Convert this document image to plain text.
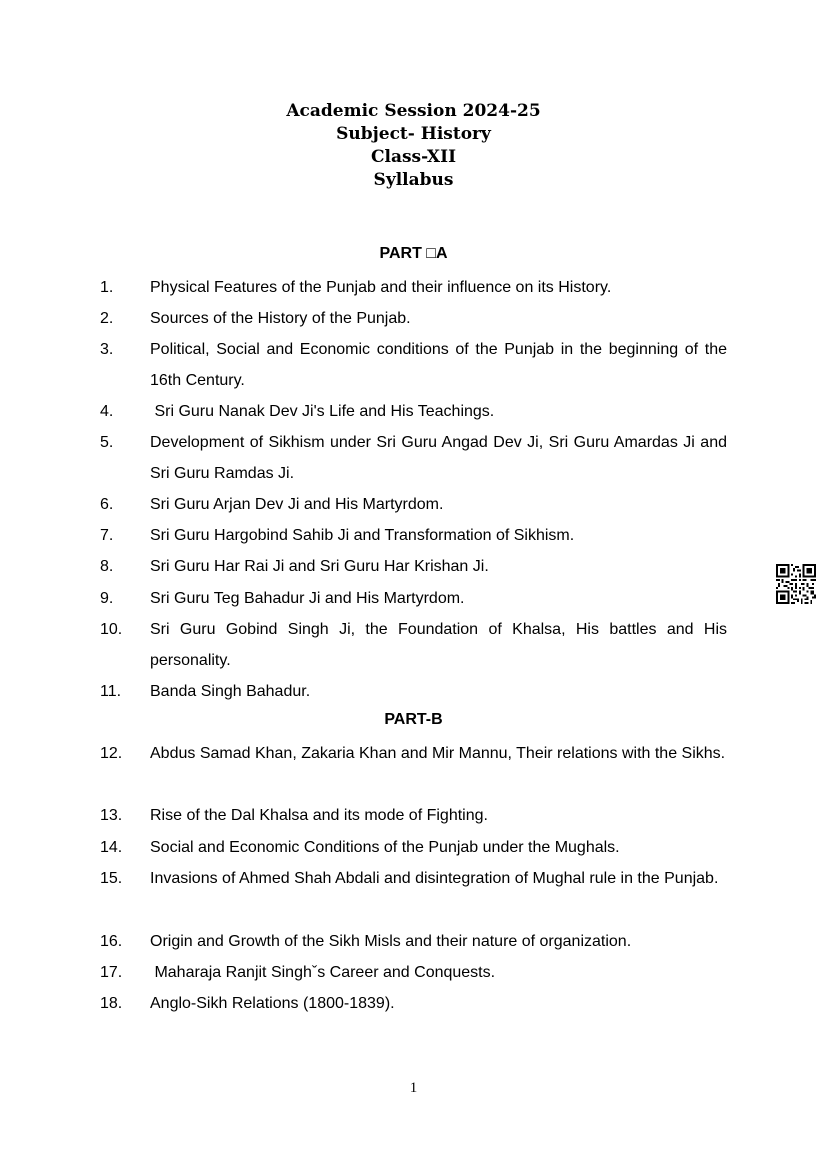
Academic Session 2024-25
Subject- History
Class-XII
Syllabus
PART □A
1. Physical Features of the Punjab and their influence on its History.
2. Sources of the History of the Punjab.
3. Political, Social and Economic conditions of the Punjab in the beginning of the 16th Century.
4. Sri Guru Nanak Dev Ji's Life and His Teachings.
5. Development of Sikhism under Sri Guru Angad Dev Ji, Sri Guru Amardas Ji and Sri Guru Ramdas Ji.
6. Sri Guru Arjan Dev Ji and His Martyrdom.
7. Sri Guru Hargobind Sahib Ji and Transformation of Sikhism.
8. Sri Guru Har Rai Ji and Sri Guru Har Krishan Ji.
9. Sri Guru Teg Bahadur Ji and His Martyrdom.
10. Sri Guru Gobind Singh Ji, the Foundation of Khalsa, His battles and His personality.
11. Banda Singh Bahadur.
PART-B
12. Abdus Samad Khan, Zakaria Khan and Mir Mannu, Their relations with the Sikhs.
13. Rise of the Dal Khalsa and its mode of Fighting.
14. Social and Economic Conditions of the Punjab under the Mughals.
15. Invasions of Ahmed Shah Abdali and disintegration of Mughal rule in the Punjab.
16. Origin and Growth of the Sikh Misls and their nature of organization.
17. Maharaja Ranjit Singhˇs Career and Conquests.
18. Anglo-Sikh Relations (1800-1839).
1
